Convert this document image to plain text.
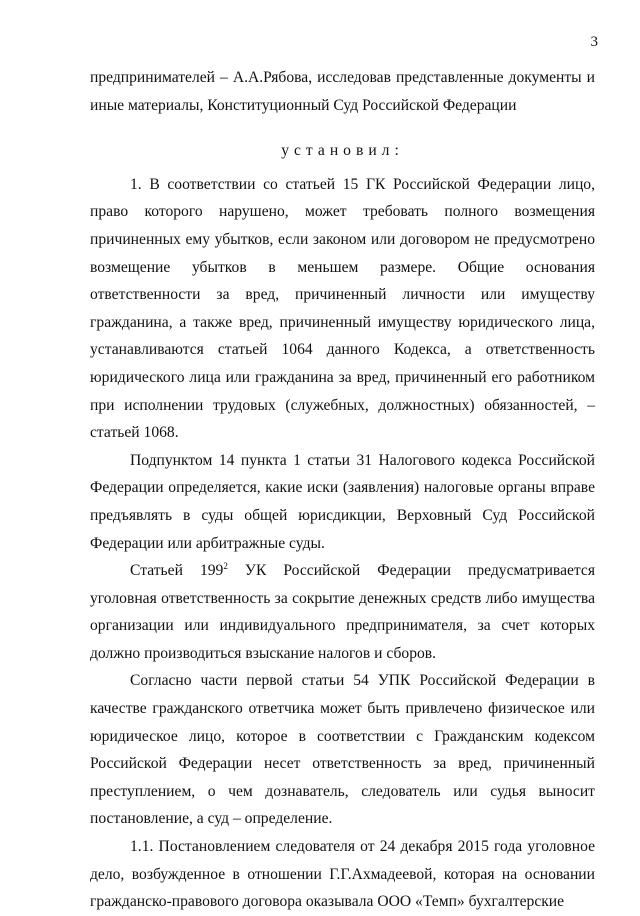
3

предпринимателей – А.А.Рябова, исследовав представленные документы и иные материалы, Конституционный Суд Российской Федерации

установил:

1. В соответствии со статьей 15 ГК Российской Федерации лицо, право которого нарушено, может требовать полного возмещения причиненных ему убытков, если законом или договором не предусмотрено возмещение убытков в меньшем размере. Общие основания ответственности за вред, причиненный личности или имуществу гражданина, а также вред, причиненный имуществу юридического лица, устанавливаются статьей 1064 данного Кодекса, а ответственность юридического лица или гражданина за вред, причиненный его работником при исполнении трудовых (служебных, должностных) обязанностей, – статьей 1068.

Подпунктом 14 пункта 1 статьи 31 Налогового кодекса Российской Федерации определяется, какие иски (заявления) налоговые органы вправе предъявлять в суды общей юрисдикции, Верховный Суд Российской Федерации или арбитражные суды.

Статьей $199^2$ УК Российской Федерации предусматривается уголовная ответственность за сокрытие денежных средств либо имущества организации или индивидуального предпринимателя, за счет которых должно производиться взыскание налогов и сборов.

Согласно части первой статьи 54 УПК Российской Федерации в качестве гражданского ответчика может быть привлечено физическое или юридическое лицо, которое в соответствии с Гражданским кодексом Российской Федерации несет ответственность за вред, причиненный преступлением, о чем дознаватель, следователь или судья выносит постановление, а суд – определение.

1.1. Постановлением следователя от 24 декабря 2015 года уголовное дело, возбужденное в отношении Г.Г.Ахмадеевой, которая на основании гражданско-правового договора оказывала ООО «Темп» бухгалтерские
